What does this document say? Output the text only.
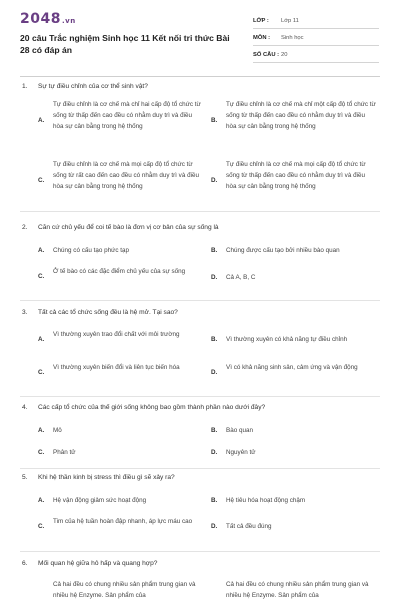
2048.vn
20 câu Trắc nghiệm Sinh học 11 Kết nối tri thức Bài 28 có đáp án
LỚP :	Lớp 11
MÔN :	Sinh học
SỐ CÂU : 20
1. Sự tự điều chỉnh của cơ thể sinh vật?
A.
Tự điều chỉnh là cơ chế mà chỉ hai cấp độ tổ chức từ sống từ thấp đến cao đều có nhằm duy trì và điều hòa sự cân bằng trong hệ thống
B.
Tự điều chỉnh là cơ chế mà chỉ một cấp độ tổ chức từ sống từ thấp đến cao đều có nhằm duy trì và điều hòa sự cân bằng trong hệ thống
C.
Tự điều chỉnh là cơ chế mà mọi cấp độ tổ chức từ sống từ rất cao đến cao đều có nhằm duy trì và điều hòa sự cân bằng trong hệ thống
D.
Tự điều chỉnh là cơ chế mà mọi cấp độ tổ chức từ sống từ thấp đến cao đều có nhằm duy trì và điều hòa sự cân bằng trong hệ thống
2. Căn cứ chủ yếu để coi tế bào là đơn vị cơ bản của sự sống là
A.	Chúng có cấu tạo phức tạp	B.	Chúng được cấu tạo bởi nhiều bào quan
C.
Ở tế bào có các đặc điểm chủ yếu của sự sống
D.	Cả A, B, C
3. Tất cả các tổ chức sống đều là hệ mở. Tại sao?
A.
Vì thường xuyên trao đổi chất với môi trường
B.	Vì thường xuyên có khả năng tự điều chỉnh
C.
Vì thường xuyên biến đổi và liên tục biến hóa
D.
Vì có khả năng sinh sản, cảm ứng và vận động
4. Các cấp tổ chức của thế giới sống không bao gồm thành phần nào dưới đây?
A.	Mô	B.	Bào quan
C.	Phân tử	D.	Nguyên tử
5. Khi hệ thần kinh bị stress thì điều gì sẽ xảy ra?
A.	Hệ vận động giảm sức hoạt động	B.	Hệ tiêu hóa hoạt động chậm
C.
Tim của hệ tuần hoàn đập nhanh, áp lực máu cao
D.	Tất cả đều đúng
6. Mối quan hệ giữa hô hấp và quang hợp?
Cả hai đều có chung nhiều sản phẩm trung gian và nhiều hệ Enzyme. Sản phẩm của
Cả hai đều có chung nhiều sản phẩm trung gian và nhiều hệ Enzyme. Sản phẩm của
